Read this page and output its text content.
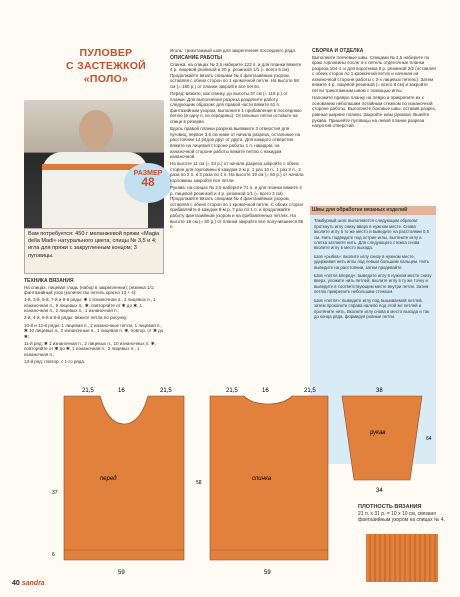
ПУЛОВЕР
С ЗАСТЕЖКОЙ
«ПОЛО»
РАЗМЕР
48
Вам потребуется: 450 г меланжевой пряжи «Magia della Madi» натурального цвета; спицы № 3,5 и 4; игла для пряжи с закругленным концом; 3 пуговицы.
ТЕХНИКА ВЯЗАНИЯ

На спицах: лицевая гладь (набор в закреплении); резинка 1/1; фантазийный узор (количество петель кратно 13 + 4):

1-й, 3-й, 5-й, 7-й и 9-й ряды: ✱ 1 изнаночная п., 2 лицевых п., 1 изнаночная п., 9 лицевых п., ✱, повторяйте от ✱ до ✱, 1 изнаночная п., 2 лицевых п., 1 изнаночная п.;

2-й, 4-й, 6-й и 8-й ряды: вяжите петли по рисунку;

10-й и 12-й ряды: 1 лицевая п., 2 изнаночные петли, 1 лицевая п., ✱ 10 лицевых п., 2 изнаночные п., 1 лицевая п. ✱, повтор. от ✱ до ✱;

11-й ряд: ✱ 1 изнаночная п., 2 лицевых п., 10 изнаночных п. ✱, повторяйте от ✱ до ✱, 1 изнаночная п., 2 лицевых п., 1 изнаночная п.;

13-й ряд: повтор. с 1-го ряда.

Иголь: трикотажный шов для закрепления последнего ряда.

ОПИСАНИЕ РАБОТЫ

Спинка: на спицах № 3,5 наберите 123 п. и для планки вяжите 4 р. лицевой резинкой и 20 р. резинкой 1/1 (= всего 6 см). Продолжайте вязать спицами № 4 фантазийным узором, оставляя с обеих сторон по 1 кромочной петле. На высоте 58 см (= 180 р.) от планки закройте все петли.

Перед: вяжите, как спинку, до высоты 37 см (= 116 р.) от планки. Для выполнения разреза разделите работу следующим образом: для правой части вяжите 61 п. фантазийным узором, выполните 1 прибавление в последнюю петлю (в одну п. из середины). Остальные петли оставьте на спице в резерве.

Вдоль правой планки разреза вывяжите 3 отверстия для пуговиц, первое 3,5 см ниже от начала разреза, остальные на расстоянии 14 рядов друг от друга. Для каждого отверстия вяжите на лицевой стороне работы 1 п. накидом, на изнаночной стороне работы вяжите петлю с накидом изнаночной.

На высоте 11 см (= 34 р.) от начала разреза закройте с обеих сторон для горловины в каждом 2-м р. 1 раз 10 п., 1 раз 3 п., 2 раза по 2 п. и 3 раза по 1 п. На высоте 19 см (= 60 р.) от начала горловины закройте все петли.

Рукава: на спицах № 3,5 наберите 71 п. и для планки вяжите 4 р. лицевой резинкой и 4 р. резинкой 1/1 (= всего 3 см). Продолжайте вязать спицами № 4 фантазийным узором, оставляя с обеих сторон по 1 кромочной петле. С обеих сторон прибавляйте в каждом 8-м р. 7 раз по 1 п. и продолжайте работу фантазийным узором и на прибавленных петлях. На высоте 19 см (= 60 р.) от планки закройте все получившиеся 85 п.

СБОРКА И ОТДЕЛКА

Выполните плечевые швы. Спицами № 3,5 наберите по краю горловины после 4-х петель отделочные планки разреза 104 п. и для воротника 8 р. резинкой 2/2 (оставляя с обеих сторон по 1 кромочной петле и начиная на изнаночной стороне работы с 3-х лицевых петель). Затем вяжите 4 р. лицевой резинкой (= всего 8 см) и закройте петли трикотажным швом с помощью иглы.

Наложите правую планку на левую и прикрепите их к основанию небольшим потайным стежком по изнаночной стороне работы. Выполните боковые швы, оставив разрез, равные ширине планки. Закройте швы рукавов. Вшейте рукава. Пришейте пуговицы на левой планке разреза напротив отверстий.

Швы для обработки вязаных изделий

Тамбурный шов: выполняется следующим образом: проткнуть иглу снизу вверх в нужном месте. Снова вколите иглу в то же место и выведите на расстоянии 0,5 см. Нить подведите под острие иглы, вытяните иглу и слегка затяните нить. Для следующего стежка снова вколите иглу в место выхода.

Шов «рыбка»: вколите иглу снизу в нужном месте, удерживая нить иглы под левым большим пальцем. Нить выведите на расстоянии, затем продевайте.

Шов «петля вперед»: выведите иглу в нужном месте снизу вверх, уложите нить петлей, вколите иглу в ту же точку и выведите в соответствующем месте внутри петли. Затем петлю прикрепите небольшим стежком.

Шов «петля»: выведите иглу под вышиваемой петлей, затем проколите справа налево под этой же петлей и протяните нить. Вколите иглу снова в место выхода и так до конца ряда, формируя ровные петли.

21,5	16	21,5
перед
59
37
6
21,5	16	21,5
спинка
59
58
38
рукав
34
64
ПЛОТНОСТЬ ВЯЗАНИЯ
21 п. х 31 р. = 10 х 10 см, связано фантазийным узором на спицах № 4.
40 sandra
